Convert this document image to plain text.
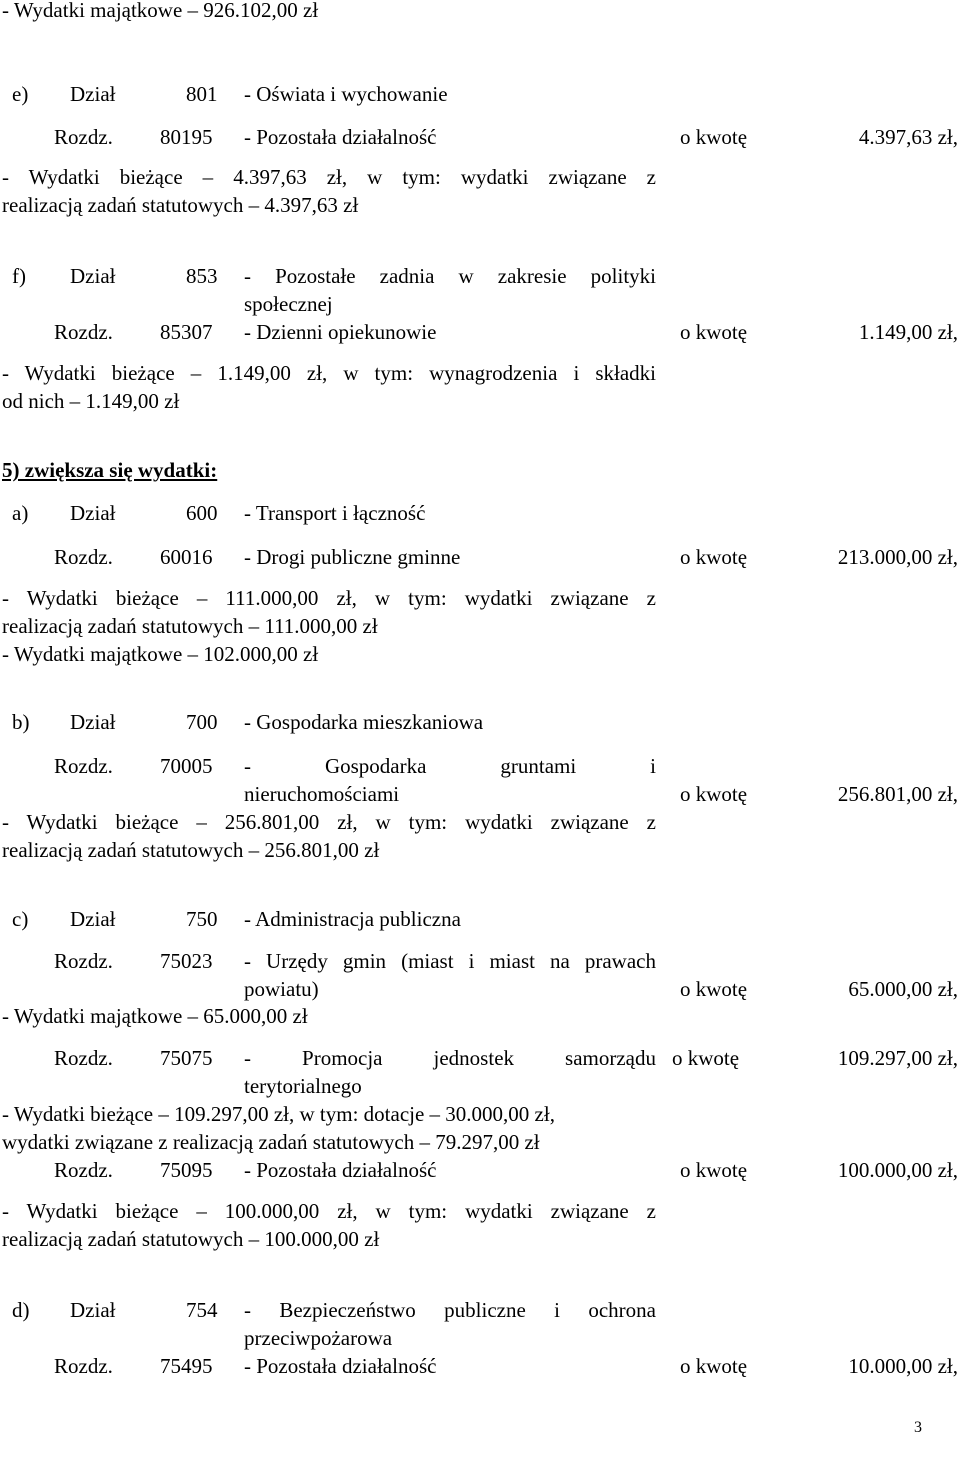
- Wydatki majątkowe – 926.102,00 zł
e) Dział	801 - Oświata i wychowanie
Rozdz. 80195 - Pozostała działalność	o kwotę	4.397,63 zł,
- Wydatki bieżące – 4.397,63 zł, w tym: wydatki związane z
realizacją zadań statutowych – 4.397,63 zł
f) Dział	853 - Pozostałe zadnia w zakresie polityki
społecznej
Rozdz. 85307 - Dzienni opiekunowie	o kwotę	1.149,00 zł,
- Wydatki bieżące – 1.149,00 zł, w tym: wynagrodzenia i składki
od nich – 1.149,00 zł
5) zwiększa się wydatki:
a) Dział	600 - Transport i łączność
Rozdz. 60016 - Drogi publiczne gminne	o kwotę	213.000,00 zł,
- Wydatki bieżące – 111.000,00 zł, w tym: wydatki związane z
realizacją zadań statutowych – 111.000,00 zł
- Wydatki majątkowe – 102.000,00 zł
b) Dział	700 - Gospodarka mieszkaniowa
Rozdz. 70005 - Gospodarka gruntami i
nieruchomościami	o kwotę	256.801,00 zł,
- Wydatki bieżące – 256.801,00 zł, w tym: wydatki związane z
realizacją zadań statutowych – 256.801,00 zł
c) Dział	750 - Administracja publiczna
Rozdz. 75023 - Urzędy gmin (miast i miast na prawach
powiatu)	o kwotę	65.000,00 zł,
- Wydatki majątkowe – 65.000,00 zł
Rozdz. 75075 - Promocja jednostek samorządu
terytorialnego
o kwotę	109.297,00 zł,
- Wydatki bieżące – 109.297,00 zł, w tym: dotacje – 30.000,00 zł,
wydatki związane z realizacją zadań statutowych – 79.297,00 zł
Rozdz. 75095 - Pozostała działalność	o kwotę	100.000,00 zł,
- Wydatki bieżące – 100.000,00 zł, w tym: wydatki związane z
realizacją zadań statutowych – 100.000,00 zł
d) Dział	754 - Bezpieczeństwo publiczne i ochrona
przeciwpożarowa
Rozdz. 75495 - Pozostała działalność	o kwotę	10.000,00 zł,
3
